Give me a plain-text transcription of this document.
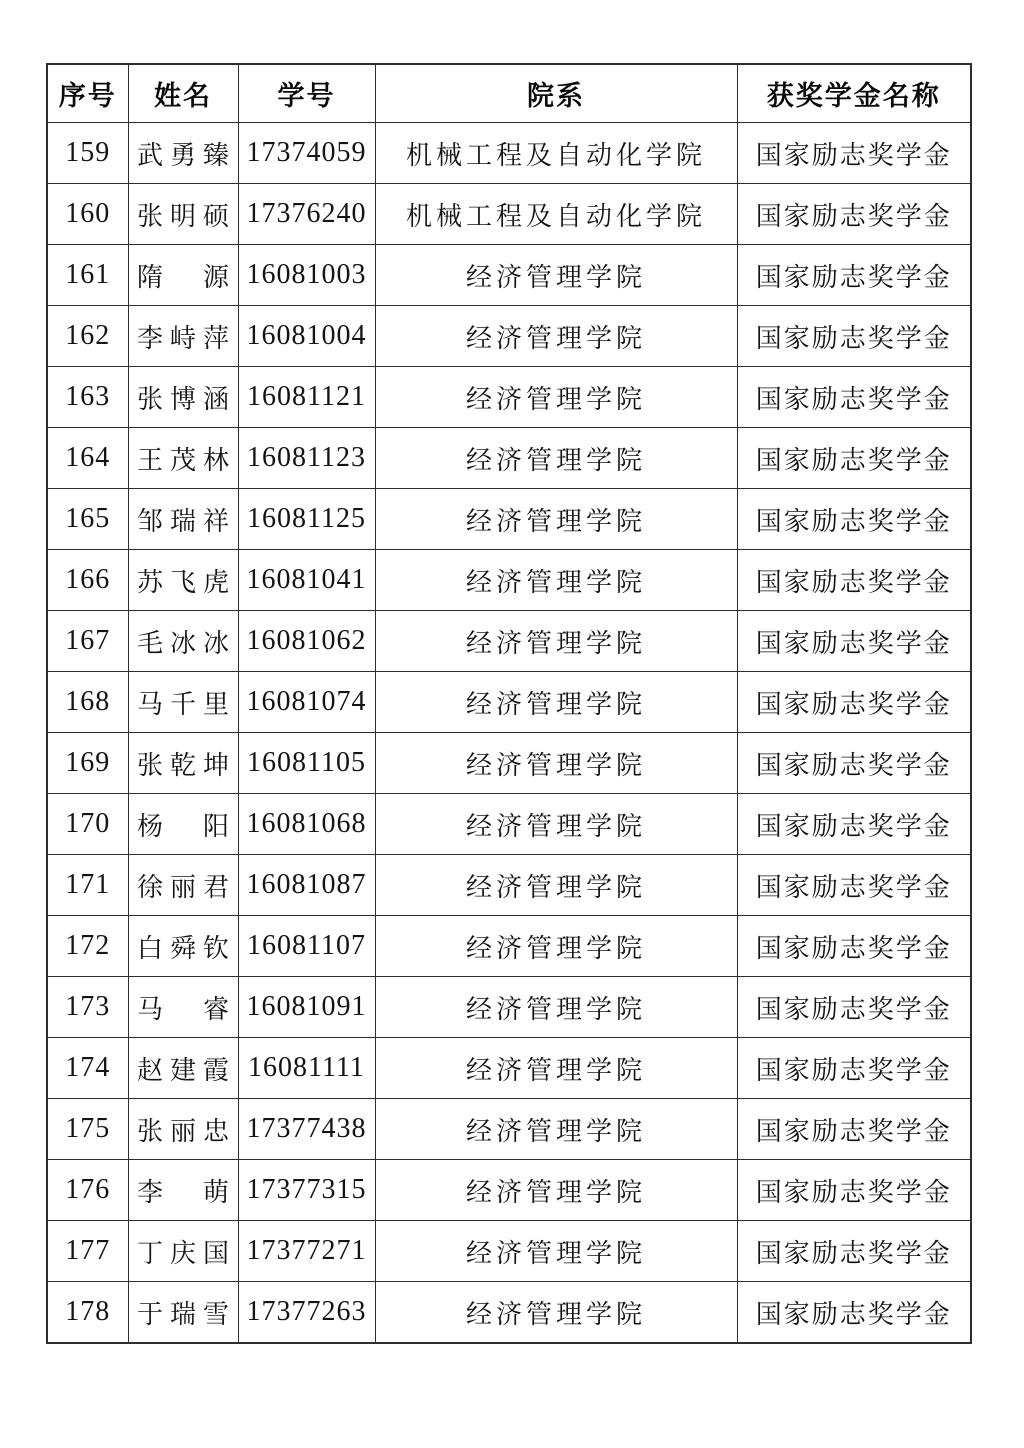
序号	姓名	学号	院系	获奖学金名称
159	武勇臻	17374059	机械工程及自动化学院	国家励志奖学金
160	张明硕	17376240	机械工程及自动化学院	国家励志奖学金
161	隋源	16081003	经济管理学院	国家励志奖学金
162	李峙萍	16081004	经济管理学院	国家励志奖学金
163	张博涵	16081121	经济管理学院	国家励志奖学金
164	王茂林	16081123	经济管理学院	国家励志奖学金
165	邹瑞祥	16081125	经济管理学院	国家励志奖学金
166	苏飞虎	16081041	经济管理学院	国家励志奖学金
167	毛冰冰	16081062	经济管理学院	国家励志奖学金
168	马千里	16081074	经济管理学院	国家励志奖学金
169	张乾坤	16081105	经济管理学院	国家励志奖学金
170	杨阳	16081068	经济管理学院	国家励志奖学金
171	徐丽君	16081087	经济管理学院	国家励志奖学金
172	白舜钦	16081107	经济管理学院	国家励志奖学金
173	马睿	16081091	经济管理学院	国家励志奖学金
174	赵建霞	16081111	经济管理学院	国家励志奖学金
175	张丽忠	17377438	经济管理学院	国家励志奖学金
176	李萌	17377315	经济管理学院	国家励志奖学金
177	丁庆国	17377271	经济管理学院	国家励志奖学金
178	于瑞雪	17377263	经济管理学院	国家励志奖学金
